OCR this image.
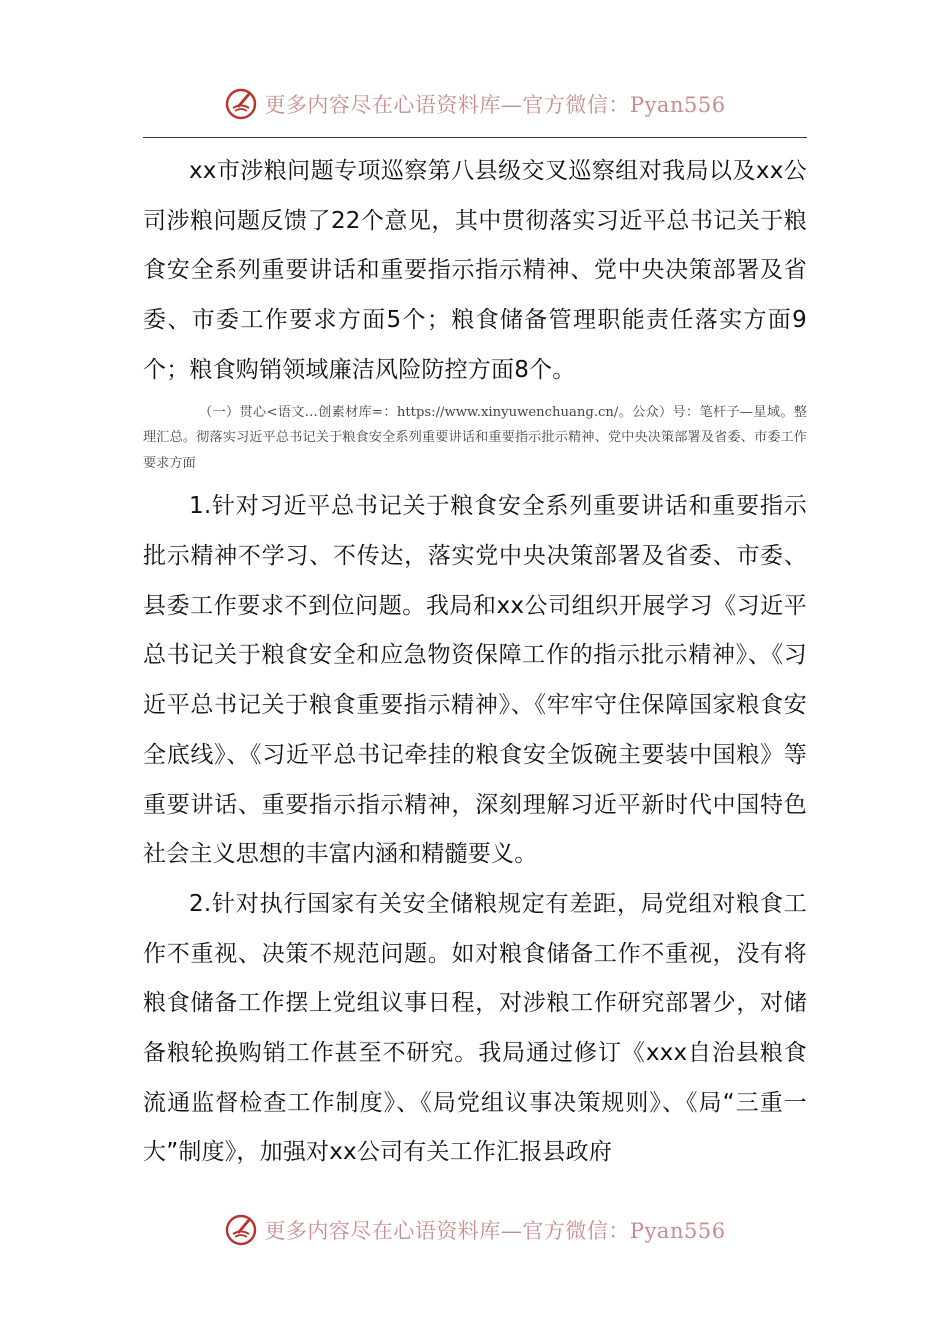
更多内容尽在心语资料库—官方微信：Pyan556

xx市涉粮问题专项巡察第八县级交叉巡察组对我局以及xx公司涉粮问题反馈了22个意见，其中贯彻落实习近平总书记关于粮食安全系列重要讲话和重要指示指示精神、党中央决策部署及省委、市委工作要求方面5个；粮食储备管理职能责任落实方面9个；粮食购销领域廉洁风险防控方面8个。

（一）贯心<语文…创素材库=：https://www.xinyuwenchuang.cn/。公众）号：笔杆子—星域。整理汇总。彻落实习近平总书记关于粮食安全系列重要讲话和重要指示批示精神、党中央决策部署及省委、市委工作要求方面

1.针对习近平总书记关于粮食安全系列重要讲话和重要指示批示精神不学习、不传达，落实党中央决策部署及省委、市委、县委工作要求不到位问题。我局和xx公司组织开展学习《习近平总书记关于粮食安全和应急物资保障工作的指示批示精神》、《习近平总书记关于粮食重要指示精神》、《牢牢守住保障国家粮食安全底线》、《习近平总书记牵挂的粮食安全饭碗主要装中国粮》等重要讲话、重要指示指示精神，深刻理解习近平新时代中国特色社会主义思想的丰富内涵和精髓要义。

2.针对执行国家有关安全储粮规定有差距，局党组对粮食工作不重视、决策不规范问题。如对粮食储备工作不重视，没有将粮食储备工作摆上党组议事日程，对涉粮工作研究部署少，对储备粮轮换购销工作甚至不研究。我局通过修订《xxx自治县粮食流通监督检查工作制度》、《局党组议事决策规则》、《局“三重一大”制度》，加强对xx公司有关工作汇报县政府

更多内容尽在心语资料库—官方微信：Pyan556
